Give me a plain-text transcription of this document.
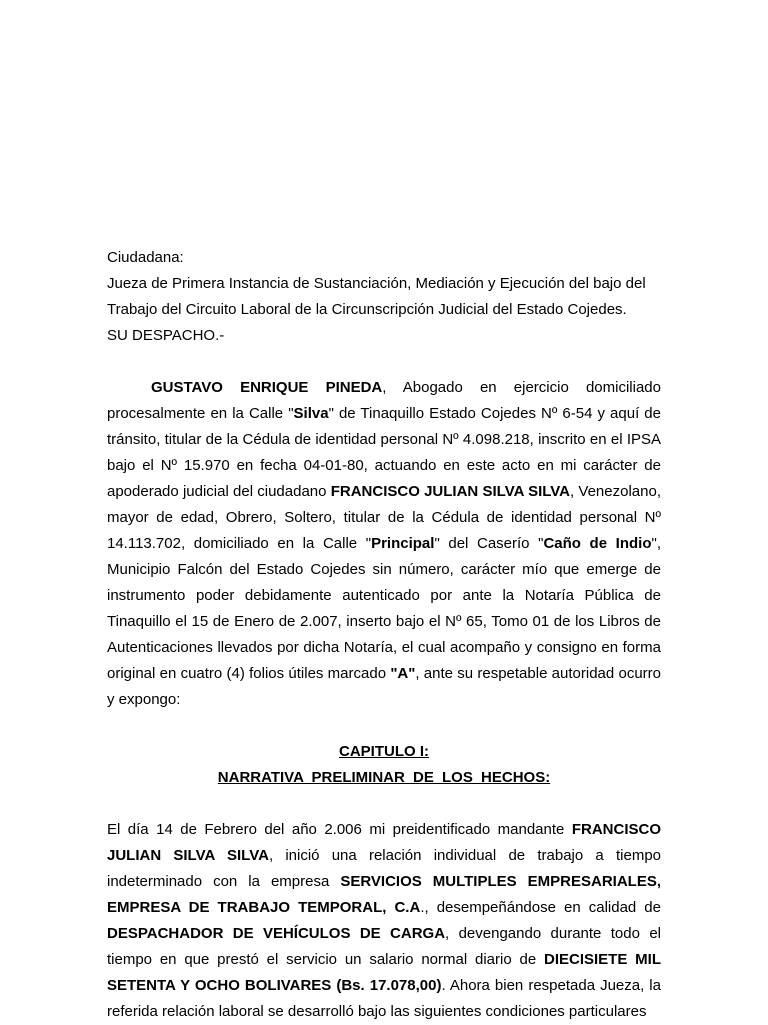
Ciudadana:
Jueza de Primera Instancia de Sustanciación, Mediación y Ejecución del bajo del
Trabajo del Circuito Laboral de la Circunscripción Judicial del Estado Cojedes.
SU DESPACHO.-

GUSTAVO ENRIQUE PINEDA, Abogado en ejercicio domiciliado procesalmente en la Calle "Silva" de Tinaquillo Estado Cojedes Nº 6-54 y aquí de tránsito, titular de la Cédula de identidad personal Nº 4.098.218, inscrito en el IPSA bajo el Nº 15.970 en fecha 04-01-80, actuando en este acto en mi carácter de apoderado judicial del ciudadano FRANCISCO JULIAN SILVA SILVA, Venezolano, mayor de edad, Obrero, Soltero, titular de la Cédula de identidad personal Nº 14.113.702, domiciliado en la Calle "Principal" del Caserío "Caño de Indio", Municipio Falcón del Estado Cojedes sin número, carácter mío que emerge de instrumento poder debidamente autenticado por ante la Notaría Pública de Tinaquillo el 15 de Enero de 2.007, inserto bajo el Nº 65, Tomo 01 de los Libros de Autenticaciones llevados por dicha Notaría, el cual acompaño y consigno en forma original en cuatro (4) folios útiles marcado "A", ante su respetable autoridad ocurro y expongo:

CAPITULO I:
NARRATIVA PRELIMINAR DE LOS HECHOS:

El día 14 de Febrero del año 2.006 mi preidentificado mandante FRANCISCO JULIAN SILVA SILVA, inició una relación individual de trabajo a tiempo indeterminado con la empresa SERVICIOS MULTIPLES EMPRESARIALES, EMPRESA DE TRABAJO TEMPORAL, C.A., desempeñándose en calidad de DESPACHADOR DE VEHÍCULOS DE CARGA, devengando durante todo el tiempo en que prestó el servicio un salario normal diario de DIECISIETE MIL SETENTA Y OCHO BOLIVARES (Bs. 17.078,00). Ahora bien respetada Jueza, la referida relación laboral se desarrolló bajo las siguientes condiciones particulares
